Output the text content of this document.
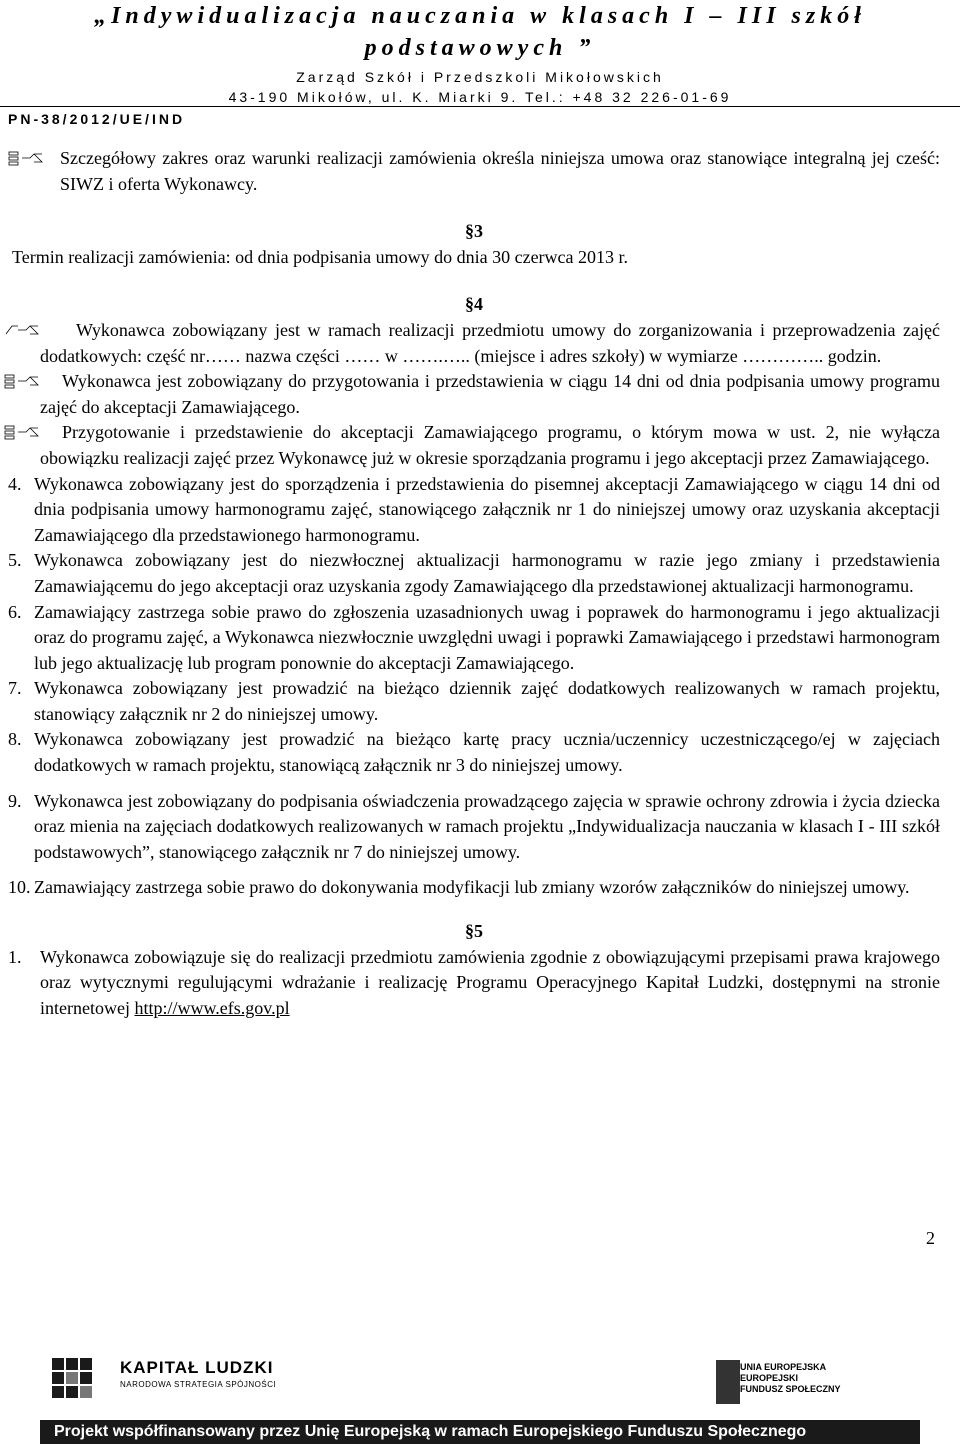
„Indywidualizacja nauczania w klasach I – III szkół
podstawowych ”
Zarząd Szkół i Przedszkoli Mikołowskich
43-190 Mikołów, ul. K. Miarki 9. Tel.: +48 32 226-01-69
PN-38/2012/UE/IND

Szczegółowy zakres oraz warunki realizacji zamówienia określa niniejsza umowa oraz stanowiące integralną jej cześć: SIWZ i oferta Wykonawcy.

§3

Termin realizacji zamówienia: od dnia podpisania umowy do dnia 30 czerwca 2013 r.

§4

Wykonawca zobowiązany jest w ramach realizacji przedmiotu umowy do zorganizowania i przeprowadzenia zajęć dodatkowych: część nr…… nazwa części …… w …….….. (miejsce i adres szkoły) w wymiarze ………….. godzin.

Wykonawca jest zobowiązany do przygotowania i przedstawienia w ciągu 14 dni od dnia podpisania umowy programu zajęć do akceptacji Zamawiającego.

Przygotowanie i przedstawienie do akceptacji Zamawiającego programu, o którym mowa w ust. 2, nie wyłącza obowiązku realizacji zajęć przez Wykonawcę już w okresie sporządzania programu i jego akceptacji przez Zamawiającego.

4. Wykonawca zobowiązany jest do sporządzenia i przedstawienia do pisemnej akceptacji Zamawiającego w ciągu 14 dni od dnia podpisania umowy harmonogramu zajęć, stanowiącego załącznik nr 1 do niniejszej umowy oraz uzyskania akceptacji Zamawiającego dla przedstawionego harmonogramu.

5. Wykonawca zobowiązany jest do niezwłocznej aktualizacji harmonogramu w razie jego zmiany i przedstawienia Zamawiającemu do jego akceptacji oraz uzyskania zgody Zamawiającego dla przedstawionej aktualizacji harmonogramu.

6. Zamawiający zastrzega sobie prawo do zgłoszenia uzasadnionych uwag i poprawek do harmonogramu i jego aktualizacji oraz do programu zajęć, a Wykonawca niezwłocznie uwzględni uwagi i poprawki Zamawiającego i przedstawi harmonogram lub jego aktualizację lub program ponownie do akceptacji Zamawiającego.

7. Wykonawca zobowiązany jest prowadzić na bieżąco dziennik zajęć dodatkowych realizowanych w ramach projektu, stanowiący załącznik nr 2 do niniejszej umowy.

8. Wykonawca zobowiązany jest prowadzić na bieżąco kartę pracy ucznia/uczennicy uczestniczącego/ej w zajęciach dodatkowych w ramach projektu, stanowiącą załącznik nr 3 do niniejszej umowy.

9. Wykonawca jest zobowiązany do podpisania oświadczenia prowadzącego zajęcia w sprawie ochrony zdrowia i życia dziecka oraz mienia na zajęciach dodatkowych realizowanych w ramach projektu „Indywidualizacja nauczania w klasach I - III szkół podstawowych”, stanowiącego załącznik nr 7 do niniejszej umowy.

10. Zamawiający zastrzega sobie prawo do dokonywania modyfikacji lub zmiany wzorów załączników do niniejszej umowy.

§5

1. Wykonawca zobowiązuje się do realizacji przedmiotu zamówienia zgodnie z obowiązującymi przepisami prawa krajowego oraz wytycznymi regulującymi wdrażanie i realizację Programu Operacyjnego Kapitał Ludzki, dostępnymi na stronie internetowej http://www.efs.gov.pl

2
KAPITAŁ LUDZKI
NARODOWA STRATEGIA SPÓJNOŚCI
UNIA EUROPEJSKA
EUROPEJSKI
FUNDUSZ SPOŁECZNY
Projekt współfinansowany przez Unię Europejską w ramach Europejskiego Funduszu Społecznego
